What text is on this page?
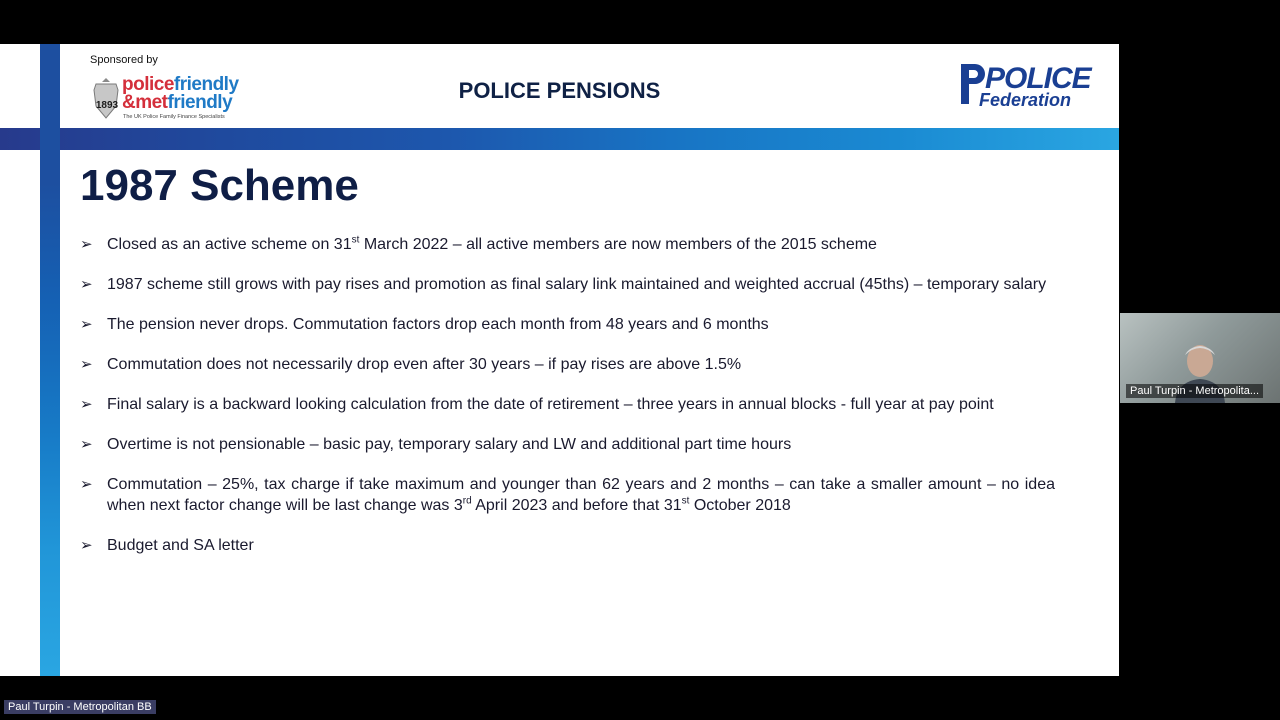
Sponsored by
1893
policefriendly
&metfriendly
The UK Police Family Finance Specialists
POLICE PENSIONS	POLICE
Federation
1987 Scheme
➢ Closed as an active scheme on 31st March 2022 – all active members are now members of the 2015 scheme
➢ 1987 scheme still grows with pay rises and promotion as final salary link maintained and weighted accrual (45ths) – temporary salary
➢ The pension never drops. Commutation factors drop each month from 48 years and 6 months
➢ Commutation does not necessarily drop even after 30 years – if pay rises are above 1.5%
➢ Final salary is a backward looking calculation from the date of retirement – three years in annual blocks - full year at pay point
➢ Overtime is not pensionable – basic pay, temporary salary and LW and additional part time hours
➢ Commutation – 25%, tax charge if take maximum and younger than 62 years and 2 months – can take a smaller amount – no idea when next factor change will be last change was 3rd April 2023 and before that 31st October 2018
➢ Budget and SA letter
Paul Turpin - Metropolita...
Paul Turpin - Metropolitan BB
